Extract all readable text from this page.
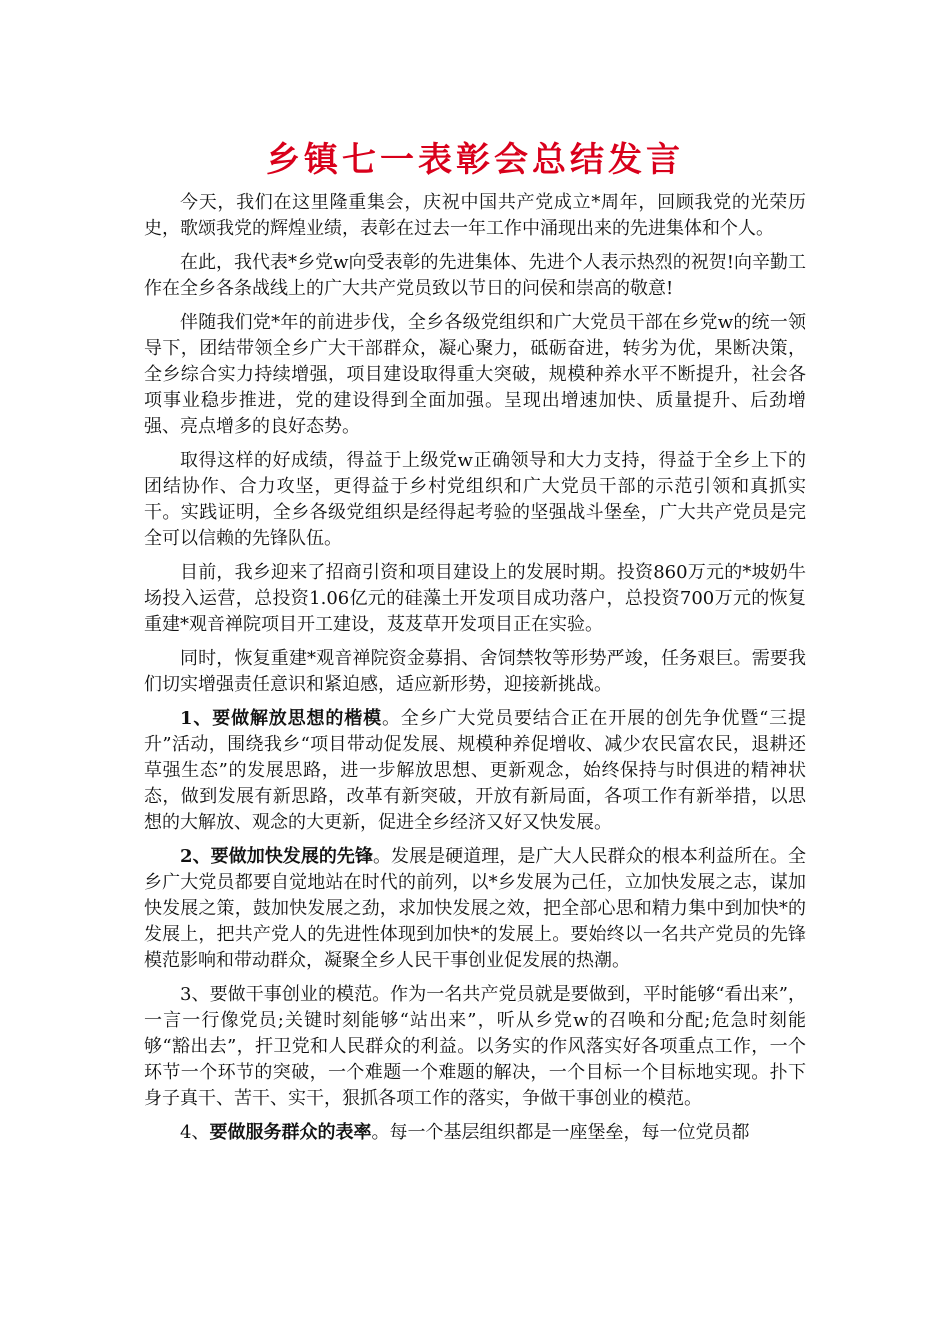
乡镇七一表彰会总结发言

今天，我们在这里隆重集会，庆祝中国共产党成立*周年，回顾我党的光荣历史，歌颂我党的辉煌业绩，表彰在过去一年工作中涌现出来的先进集体和个人。

在此，我代表*乡党w向受表彰的先进集体、先进个人表示热烈的祝贺!向辛勤工作在全乡各条战线上的广大共产党员致以节日的问侯和崇高的敬意!

伴随我们党*年的前进步伐，全乡各级党组织和广大党员干部在乡党w的统一领导下，团结带领全乡广大干部群众，凝心聚力，砥砺奋进，转劣为优，果断决策，全乡综合实力持续增强，项目建设取得重大突破，规模种养水平不断提升，社会各项事业稳步推进，党的建设得到全面加强。呈现出增速加快、质量提升、后劲增强、亮点增多的良好态势。

取得这样的好成绩，得益于上级党w正确领导和大力支持，得益于全乡上下的团结协作、合力攻坚，更得益于乡村党组织和广大党员干部的示范引领和真抓实干。实践证明，全乡各级党组织是经得起考验的坚强战斗堡垒，广大共产党员是完全可以信赖的先锋队伍。

目前，我乡迎来了招商引资和项目建设上的发展时期。投资860万元的*坡奶牛场投入运营，总投资1.06亿元的硅藻土开发项目成功落户，总投资700万元的恢复重建*观音禅院项目开工建设，芨芨草开发项目正在实验。

同时，恢复重建*观音禅院资金募捐、舍饲禁牧等形势严竣，任务艰巨。需要我们切实增强责任意识和紧迫感，适应新形势，迎接新挑战。

1、要做解放思想的楷模。全乡广大党员要结合正在开展的创先争优暨“三提升”活动，围绕我乡“项目带动促发展、规模种养促增收、减少农民富农民，退耕还草强生态”的发展思路，进一步解放思想、更新观念，始终保持与时俱进的精神状态，做到发展有新思路，改革有新突破，开放有新局面，各项工作有新举措，以思想的大解放、观念的大更新，促进全乡经济又好又快发展。

2、要做加快发展的先锋。发展是硬道理，是广大人民群众的根本利益所在。全乡广大党员都要自觉地站在时代的前列，以*乡发展为己任，立加快发展之志，谋加快发展之策，鼓加快发展之劲，求加快发展之效，把全部心思和精力集中到加快*的发展上，把共产党人的先进性体现到加快*的发展上。要始终以一名共产党员的先锋模范影响和带动群众，凝聚全乡人民干事创业促发展的热潮。

3、要做干事创业的模范。作为一名共产党员就是要做到，平时能够“看出来”，一言一行像党员;关键时刻能够“站出来”，听从乡党w的召唤和分配;危急时刻能够“豁出去”，扞卫党和人民群众的利益。以务实的作风落实好各项重点工作，一个环节一个环节的突破，一个难题一个难题的解决，一个目标一个目标地实现。扑下身子真干、苦干、实干，狠抓各项工作的落实，争做干事创业的模范。

4、要做服务群众的表率。每一个基层组织都是一座堡垒，每一位党员都
